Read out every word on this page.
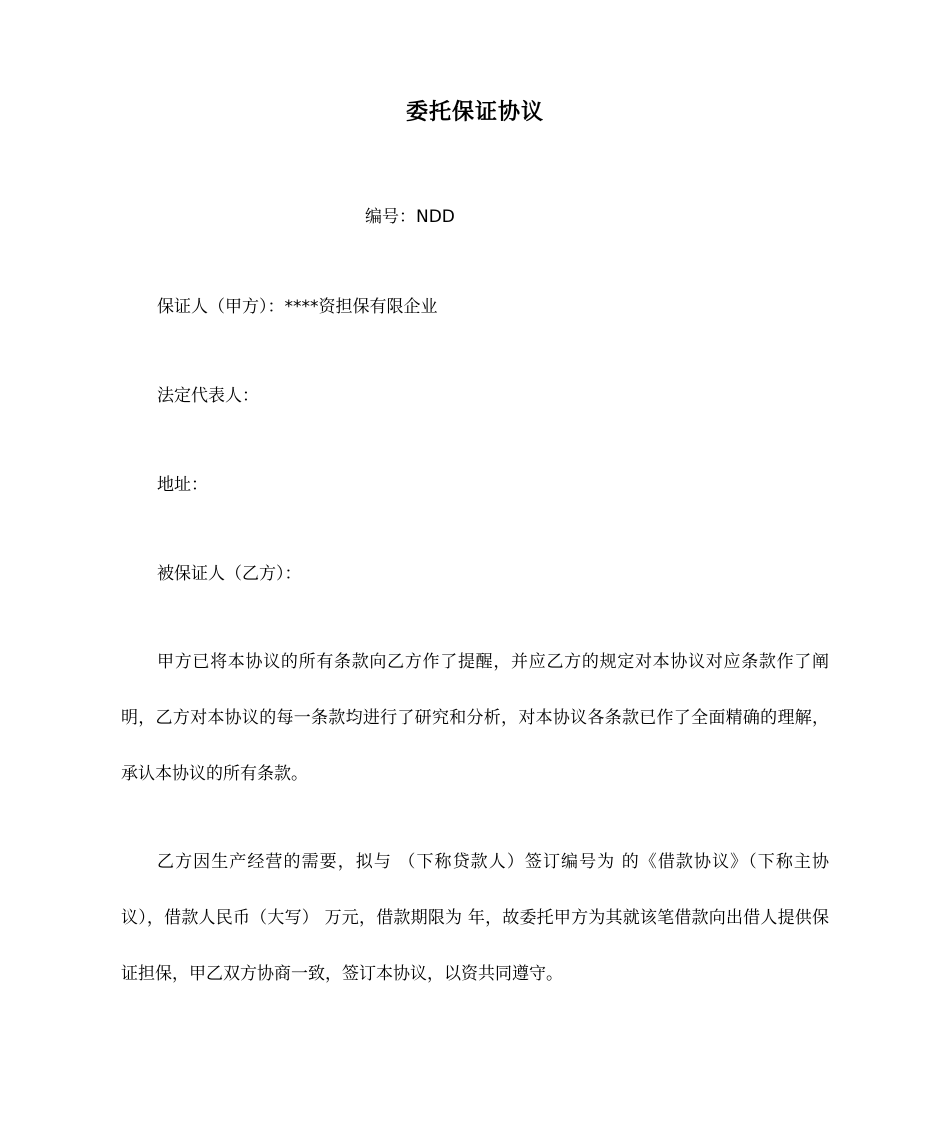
委托保证协议
编号：NDD
保证人（甲方）：****资担保有限企业
法定代表人：
地址：
被保证人（乙方）：
甲方已将本协议的所有条款向乙方作了提醒，并应乙方的规定对本协议对应条款作了阐明，乙方对本协议的每一条款均进行了研究和分析，对本协议各条款已作了全面精确的理解，承认本协议的所有条款。
乙方因生产经营的需要，拟与 （下称贷款人）签订编号为 的《借款协议》（下称主协议），借款人民币（大写） 万元，借款期限为 年，故委托甲方为其就该笔借款向出借人提供保证担保，甲乙双方协商一致，签订本协议，以资共同遵守。
